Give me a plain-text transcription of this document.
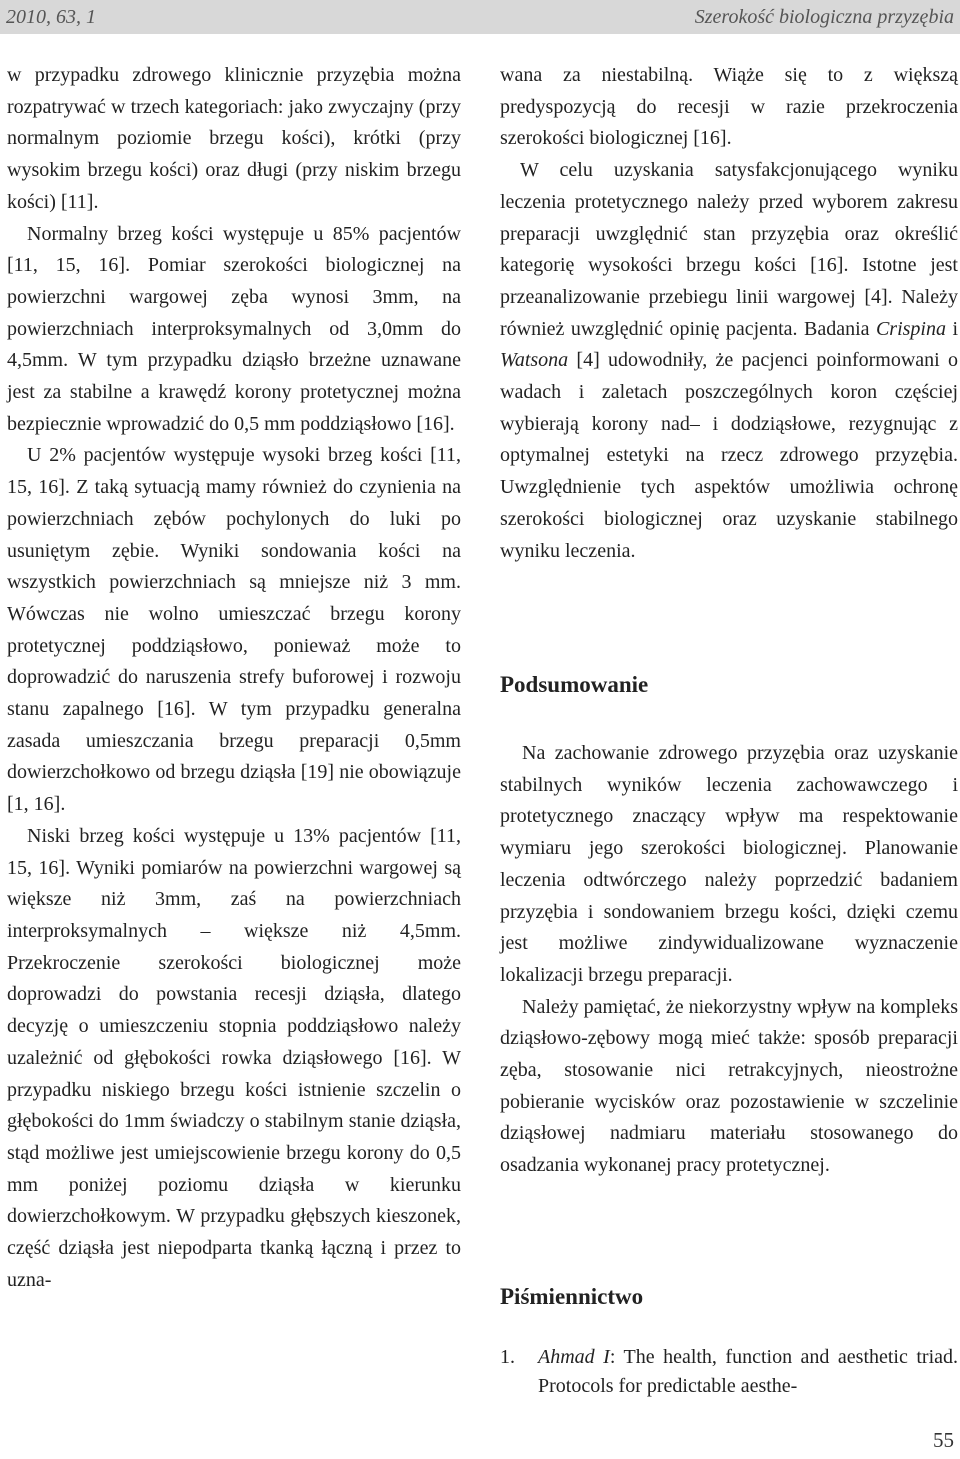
2010, 63, 1	Szerokość biologiczna przyzębia

w przypadku zdrowego klinicznie przyzębia można rozpatrywać w trzech kategoriach: jako zwyczajny (przy normalnym poziomie brzegu kości), krótki (przy wysokim brzegu kości) oraz długi (przy niskim brzegu kości) [11].

Normalny brzeg kości występuje u 85% pacjentów [11, 15, 16]. Pomiar szerokości biologicznej na powierzchni wargowej zęba wynosi 3mm, na powierzchniach interproksymalnych od 3,0mm do 4,5mm. W tym przypadku dziąsło brzeżne uznawane jest za stabilne a krawędź korony protetycznej można bezpiecznie wprowadzić do 0,5 mm poddziąsłowo [16].

U 2% pacjentów występuje wysoki brzeg kości [11, 15, 16]. Z taką sytuacją mamy również do czynienia na powierzchniach zębów pochylonych do luki po usuniętym zębie. Wyniki sondowania kości na wszystkich powierzchniach są mniejsze niż 3 mm. Wówczas nie wolno umieszczać brzegu korony protetycznej poddziąsłowo, ponieważ może to doprowadzić do naruszenia strefy buforowej i rozwoju stanu zapalnego [16]. W tym przypadku generalna zasada umieszczania brzegu preparacji 0,5mm dowierzchołkowo od brzegu dziąsła [19] nie obowiązuje [1, 16].

Niski brzeg kości występuje u 13% pacjentów [11, 15, 16]. Wyniki pomiarów na powierzchni wargowej są większe niż 3mm, zaś na powierzchniach interproksymalnych – większe niż 4,5mm. Przekroczenie szerokości biologicznej może doprowadzi do powstania recesji dziąsła, dlatego decyzję o umieszczeniu stopnia poddziąsłowo należy uzależnić od głębokości rowka dziąsłowego [16]. W przypadku niskiego brzegu kości istnienie szczelin o głębokości do 1mm świadczy o stabilnym stanie dziąsła, stąd możliwe jest umiejscowienie brzegu korony do 0,5 mm poniżej poziomu dziąsła w kierunku dowierzchołkowym. W przypadku głębszych kieszonek, część dziąsła jest niepodparta tkanką łączną i przez to uzna-

wana za niestabilną. Wiąże się to z większą predyspozycją do recesji w razie przekroczenia szerokości biologicznej [16].

W celu uzyskania satysfakcjonującego wyniku leczenia protetycznego należy przed wyborem zakresu preparacji uwzględnić stan przyzębia oraz określić kategorię wysokości brzegu kości [16]. Istotne jest przeanalizowanie przebiegu linii wargowej [4]. Należy również uwzględnić opinię pacjenta. Badania Crispina i Watsona [4] udowodniły, że pacjenci poinformowani o wadach i zaletach poszczególnych koron częściej wybierają korony nad– i dodziąsłowe, rezygnując z optymalnej estetyki na rzecz zdrowego przyzębia. Uwzględnienie tych aspektów umożliwia ochronę szerokości biologicznej oraz uzyskanie stabilnego wyniku leczenia.

Podsumowanie

Na zachowanie zdrowego przyzębia oraz uzyskanie stabilnych wyników leczenia zachowawczego i protetycznego znaczący wpływ ma respektowanie wymiaru jego szerokości biologicznej. Planowanie leczenia odtwórczego należy poprzedzić badaniem przyzębia i sondowaniem brzegu kości, dzięki czemu jest możliwe zindywidualizowane wyznaczenie lokalizacji brzegu preparacji.

Należy pamiętać, że niekorzystny wpływ na kompleks dziąsłowo-zębowy mogą mieć także: sposób preparacji zęba, stosowanie nici retrakcyjnych, nieostrożne pobieranie wycisków oraz pozostawienie w szczelinie dziąsłowej nadmiaru materiału stosowanego do osadzania wykonanej pracy protetycznej.

Piśmiennictwo
1.	Ahmad I: The health, function and aesthetic triad. Protocols for predictable aesthe-
55
